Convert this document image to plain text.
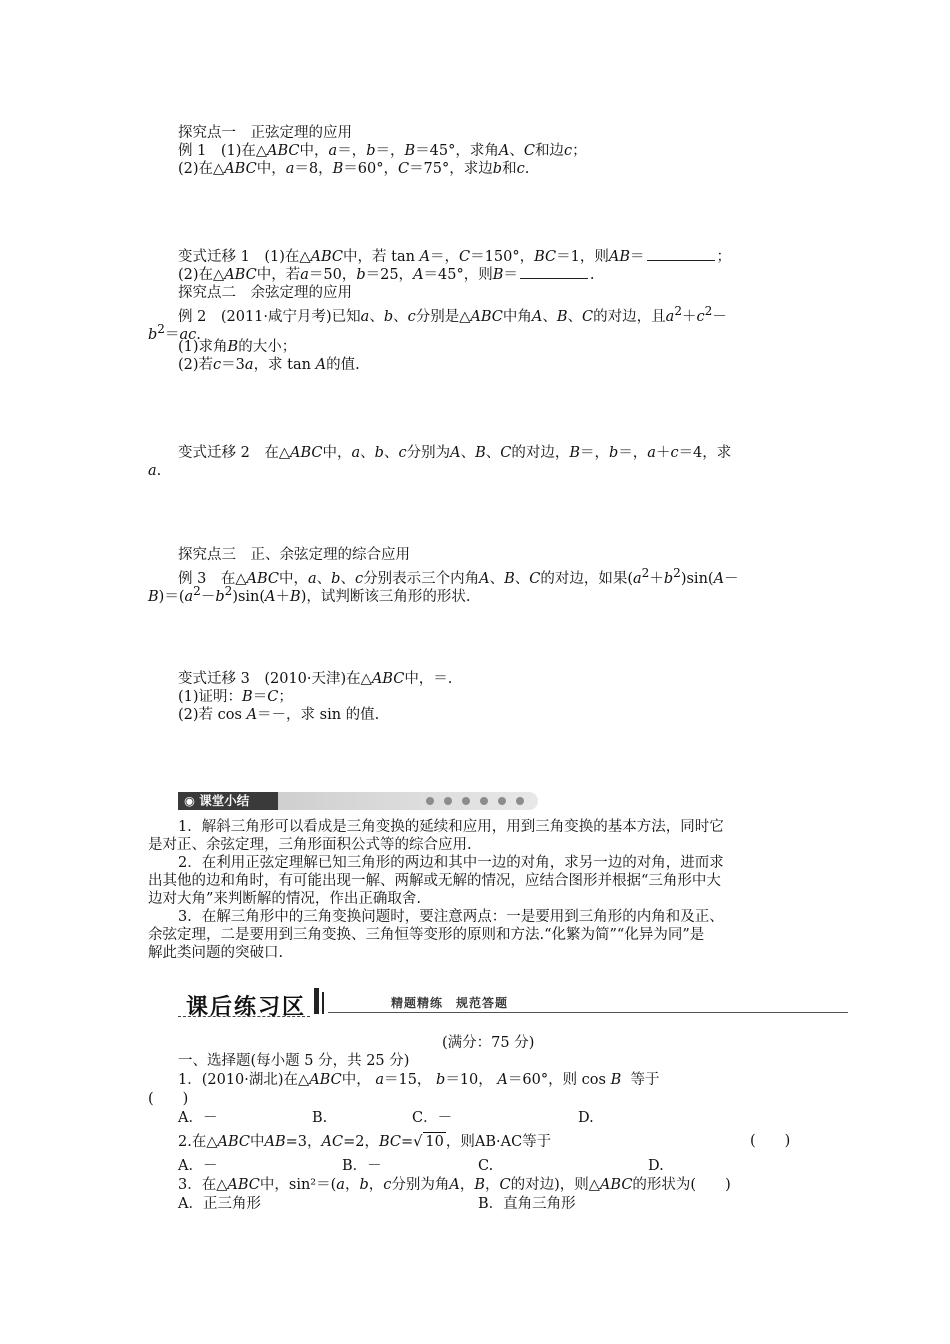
探究点一　正弦定理的应用
例 1　(1)在△ABC中，a＝，b＝，B＝45°，求角A、C和边c；
(2)在△ABC中，a＝8，B＝60°，C＝75°，求边b和c.
变式迁移 1　(1)在△ABC中，若 tan A＝，C＝150°，BC＝1，则AB＝	；
(2)在△ABC中，若a＝50，b＝25，A＝45°，则B＝	.
探究点二　余弦定理的应用
例 2　(2011·咸宁月考)已知a、b、c分别是△ABC中角A、B、C的对边，且$a^2+c^2-$
$b^2=ac$.
(1)求角B的大小；
(2)若c＝3a，求 tan A的值.
变式迁移 2　在△ABC中，a、b、c分别为A、B、C的对边，B＝，b＝，a＋c＝4，求
a.
探究点三　正、余弦定理的综合应用
例 3　在△ABC中，a、b、c分别表示三个内角A、B、C的对边，如果$(a^2+b^2)\sin(A-$
$B)=(a^2-b^2)\sin(A+B)$，试判断该三角形的形状.
变式迁移 3　(2010·天津)在△ABC中，＝.
(1)证明：B＝C；
(2)若 cos A＝－，求 sin 的值.
◉ 课堂小结
1．解斜三角形可以看成是三角变换的延续和应用，用到三角变换的基本方法，同时它
是对正、余弦定理，三角形面积公式等的综合应用.
2．在利用正弦定理解已知三角形的两边和其中一边的对角，求另一边的对角，进而求
出其他的边和角时，有可能出现一解、两解或无解的情况，应结合图形并根据“三角形中大
边对大角”来判断解的情况，作出正确取舍.
3．在解三角形中的三角变换问题时，要注意两点：一是要用到三角形的内角和及正、
余弦定理，二是要用到三角变换、三角恒等变形的原则和方法.“化繁为简”“化异为同”是
解此类问题的突破口.
课后练习区	精题精练　规范答题
(满分：75 分)
一、选择题(每小题 5 分，共 25 分)
1．(2010·湖北)在△ABC中， a＝15， b＝10， A＝60°，则 cos B 等于
(　　)
A．－	B.	C．－	D.
2.在△ABC中AB=3，AC=2，BC=√ 10 ，则AB·AC等于	(　　)
A．－	B．－	C.	D.
3．在△ABC中，sin²＝(a，b，c分别为角A，B，C的对边)，则△ABC的形状为(　　)
A．正三角形	B．直角三角形
